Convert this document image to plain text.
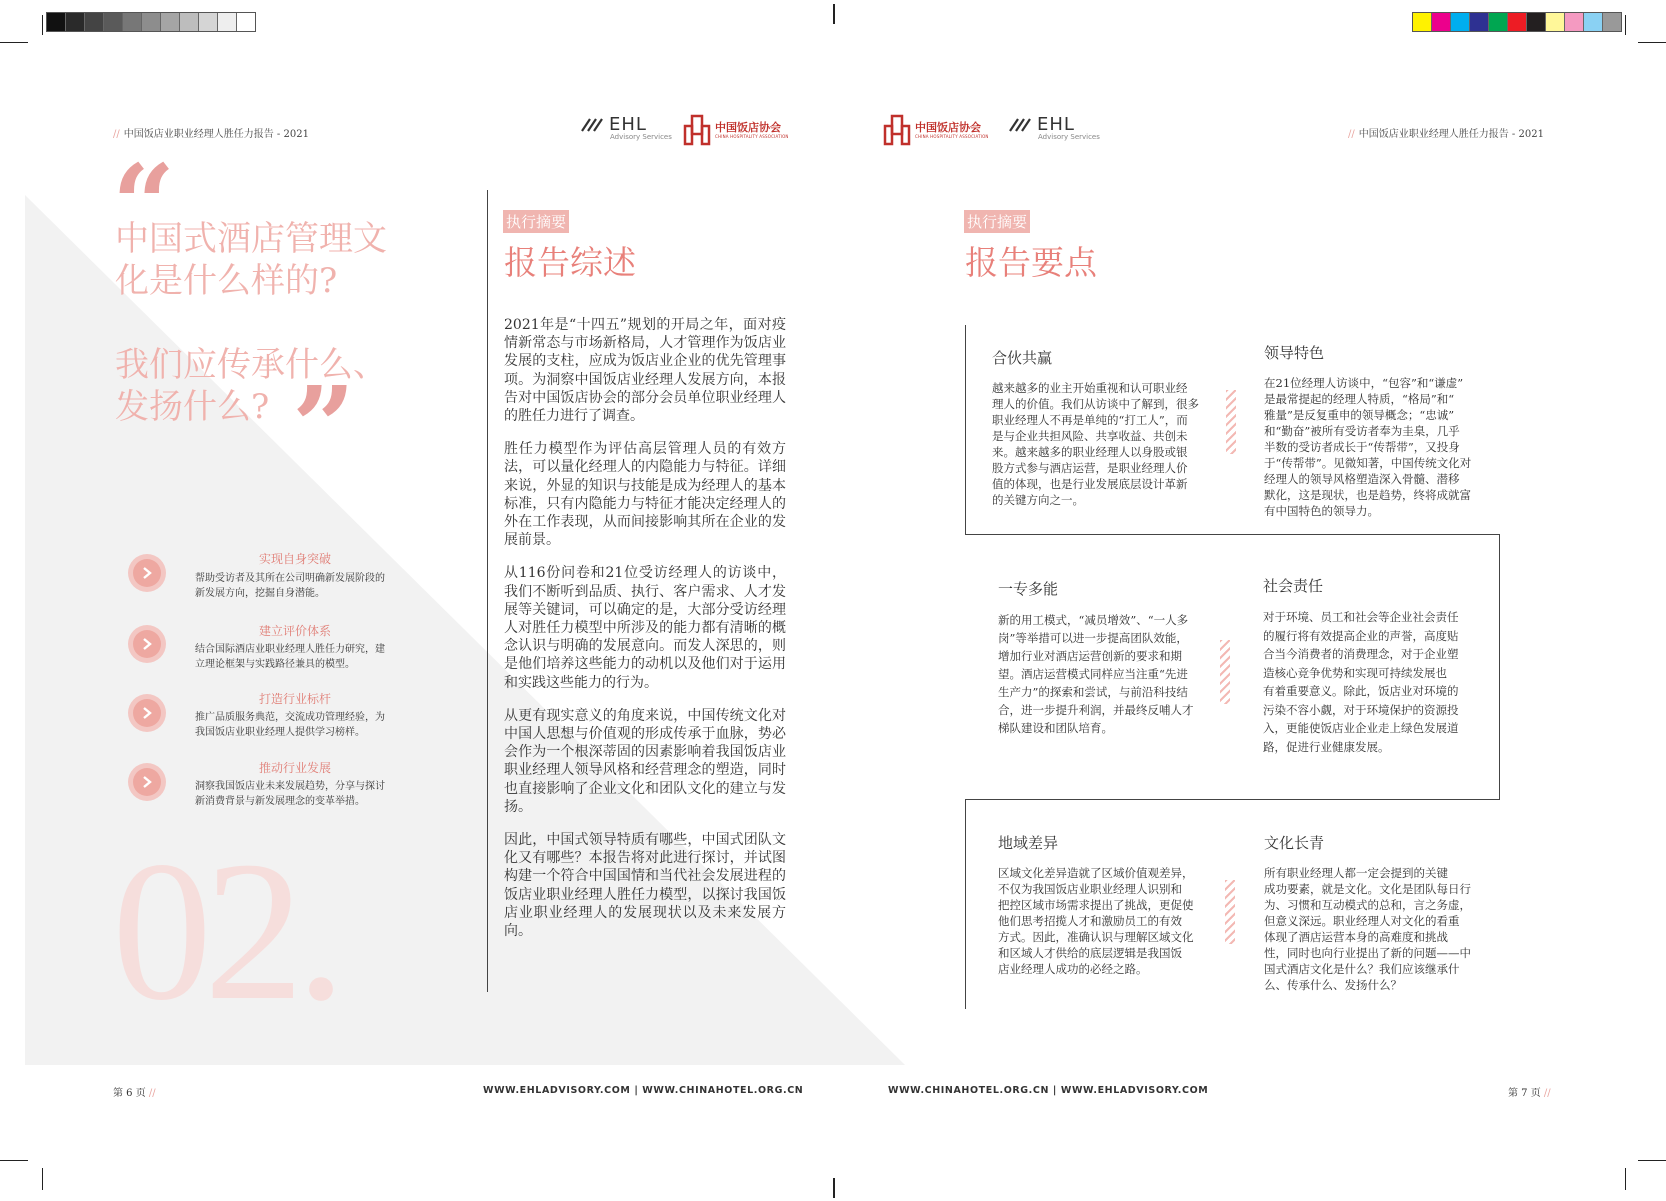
// 中国饭店业职业经理人胜任力报告 - 2021	EHL
Advisory Services
中国饭店协会
CHINA HOSPITALITY ASSOCIATION
中国饭店协会
CHINA HOSPITALITY ASSOCIATION
EHL
Advisory Services	// 中国饭店业职业经理人胜任力报告 - 2021
“
中国式酒店管理文
化是什么样的?
我们应传承什么、
发扬什么? ”
实现自身突破
帮助受访者及其所在公司明确新发展阶段的
新发展方向，挖掘自身潜能。
建立评价体系
结合国际酒店业职业经理人胜任力研究，建
立理论框架与实践路径兼具的模型。
打造行业标杆
推广品质服务典范，交流成功管理经验，为
我国饭店业职业经理人提供学习榜样。
推动行业发展
洞察我国饭店业未来发展趋势，分享与探讨
新消费背景与新发展理念的变革举措。
02.
执行摘要
报告综述

2021年是“十四五”规划的开局之年，面对疫情新常态与市场新格局，人才管理作为饭店业发展的支柱，应成为饭店业企业的优先管理事项。为洞察中国饭店业经理人发展方向，本报告对中国饭店协会的部分会员单位职业经理人的胜任力进行了调查。

胜任力模型作为评估高层管理人员的有效方法，可以量化经理人的内隐能力与特征。详细来说，外显的知识与技能是成为经理人的基本标准，只有内隐能力与特征才能决定经理人的外在工作表现，从而间接影响其所在企业的发展前景。

从116份问卷和21位受访经理人的访谈中，我们不断听到品质、执行、客户需求、人才发展等关键词，可以确定的是，大部分受访经理人对胜任力模型中所涉及的能力都有清晰的概念认识与明确的发展意向。而发人深思的，则是他们培养这些能力的动机以及他们对于运用和实践这些能力的行为。

从更有现实意义的角度来说，中国传统文化对中国人思想与价值观的形成传承于血脉，势必会作为一个根深蒂固的因素影响着我国饭店业职业经理人领导风格和经营理念的塑造，同时也直接影响了企业文化和团队文化的建立与发扬。

因此，中国式领导特质有哪些，中国式团队文化又有哪些？本报告将对此进行探讨，并试图构建一个符合中国国情和当代社会发展进程的饭店业职业经理人胜任力模型，以探讨我国饭店业职业经理人的发展现状以及未来发展方向。

执行摘要
报告要点
合伙共赢
越来越多的业主开始重视和认可职业经
理人的价值。我们从访谈中了解到，很多
职业经理人不再是单纯的“打工人”，而
是与企业共担风险、共享收益、共创未
来。越来越多的职业经理人以身股或银
股方式参与酒店运营，是职业经理人价
值的体现，也是行业发展底层设计革新
的关键方向之一。
领导特色
在21位经理人访谈中，“包容”和“谦虚”
是最常提起的经理人特质，“格局”和“
雅量”是反复重申的领导概念；“忠诚”
和“勤奋”被所有受访者奉为圭臬，几乎
半数的受访者成长于“传帮带”，又投身
于“传帮带”。见微知著，中国传统文化对
经理人的领导风格塑造深入骨髓、潜移
默化，这是现状，也是趋势，终将成就富
有中国特色的领导力。
一专多能
新的用工模式，“减员增效”、“一人多
岗”等举措可以进一步提高团队效能，
增加行业对酒店运营创新的要求和期
望。酒店运营模式同样应当注重“先进
生产力”的探索和尝试，与前沿科技结
合，进一步提升利润，并最终反哺人才
梯队建设和团队培育。
社会责任
对于环境、员工和社会等企业社会责任
的履行将有效提高企业的声誉，高度贴
合当今消费者的消费理念，对于企业塑
造核心竞争优势和实现可持续发展也
有着重要意义。除此，饭店业对环境的
污染不容小觑，对于环境保护的资源投
入，更能使饭店业企业走上绿色发展道
路，促进行业健康发展。
地域差异
区域文化差异造就了区域价值观差异，
不仅为我国饭店业职业经理人识别和
把控区域市场需求提出了挑战，更促使
他们思考招揽人才和激励员工的有效
方式。因此，准确认识与理解区域文化
和区域人才供给的底层逻辑是我国饭
店业经理人成功的必经之路。
文化长青
所有职业经理人都一定会提到的关键
成功要素，就是文化。文化是团队每日行
为、习惯和互动模式的总和，言之务虚，
但意义深远。职业经理人对文化的看重
体现了酒店运营本身的高难度和挑战
性，同时也向行业提出了新的问题——中
国式酒店文化是什么？我们应该继承什
么、传承什么、发扬什么？
第 6 页 //	WWW.EHLADVISORY.COM | WWW.CHINAHOTEL.ORG.CN	WWW.CHINAHOTEL.ORG.CN | WWW.EHLADVISORY.COM	第 7 页 //
